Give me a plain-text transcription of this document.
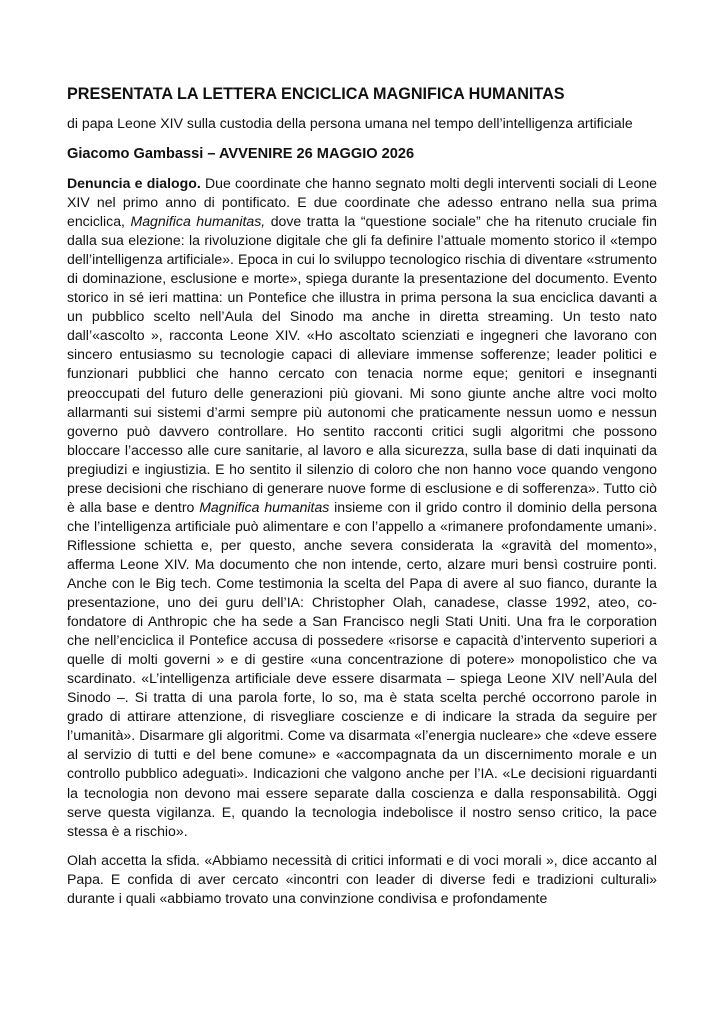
PRESENTATA LA LETTERA ENCICLICA MAGNIFICA HUMANITAS
di papa Leone XIV sulla custodia della persona umana nel tempo dell’intelligenza artificiale
Giacomo Gambassi – AVVENIRE 26 MAGGIO 2026

Denuncia e dialogo. Due coordinate che hanno segnato molti degli interventi sociali di Leone XIV nel primo anno di pontificato. E due coordinate che adesso entrano nella sua prima enciclica, Magnifica humanitas, dove tratta la “questione sociale” che ha ritenuto cruciale fin dalla sua elezione: la rivoluzione digitale che gli fa definire l’attuale momento storico il «tempo dell’intelligenza artificiale». Epoca in cui lo sviluppo tecnologico rischia di diventare «strumento di dominazione, esclusione e morte», spiega durante la presentazione del documento. Evento storico in sé ieri mattina: un Pontefice che illustra in prima persona la sua enciclica davanti a un pubblico scelto nell’Aula del Sinodo ma anche in diretta streaming. Un testo nato dall’«ascolto », racconta Leone XIV. «Ho ascoltato scienziati e ingegneri che lavorano con sincero entusiasmo su tecnologie capaci di alleviare immense sofferenze; leader politici e funzionari pubblici che hanno cercato con tenacia norme eque; genitori e insegnanti preoccupati del futuro delle generazioni più giovani. Mi sono giunte anche altre voci molto allarmanti sui sistemi d’armi sempre più autonomi che praticamente nessun uomo e nessun governo può davvero controllare. Ho sentito racconti critici sugli algoritmi che possono bloccare l’accesso alle cure sanitarie, al lavoro e alla sicurezza, sulla base di dati inquinati da pregiudizi e ingiustizia. E ho sentito il silenzio di coloro che non hanno voce quando vengono prese decisioni che rischiano di generare nuove forme di esclusione e di sofferenza». Tutto ciò è alla base e dentro Magnifica humanitas insieme con il grido contro il dominio della persona che l’intelligenza artificiale può alimentare e con l’appello a «rimanere profondamente umani». Riflessione schietta e, per questo, anche severa considerata la «gravità del momento», afferma Leone XIV. Ma documento che non intende, certo, alzare muri bensì costruire ponti. Anche con le Big tech. Come testimonia la scelta del Papa di avere al suo fianco, durante la presentazione, uno dei guru dell’IA: Christopher Olah, canadese, classe 1992, ateo, co-fondatore di Anthropic che ha sede a San Francisco negli Stati Uniti. Una fra le corporation che nell’enciclica il Pontefice accusa di possedere «risorse e capacità d’intervento superiori a quelle di molti governi » e di gestire «una concentrazione di potere» monopolistico che va scardinato. «L’intelligenza artificiale deve essere disarmata – spiega Leone XIV nell’Aula del Sinodo –. Si tratta di una parola forte, lo so, ma è stata scelta perché occorrono parole in grado di attirare attenzione, di risvegliare coscienze e di indicare la strada da seguire per l’umanità». Disarmare gli algoritmi. Come va disarmata «l’energia nucleare» che «deve essere al servizio di tutti e del bene comune» e «accompagnata da un discernimento morale e un controllo pubblico adeguati». Indicazioni che valgono anche per l’IA. «Le decisioni riguardanti la tecnologia non devono mai essere separate dalla coscienza e dalla responsabilità. Oggi serve questa vigilanza. E, quando la tecnologia indebolisce il nostro senso critico, la pace stessa è a rischio».

Olah accetta la sfida. «Abbiamo necessità di critici informati e di voci morali », dice accanto al Papa. E confida di aver cercato «incontri con leader di diverse fedi e tradizioni culturali» durante i quali «abbiamo trovato una convinzione condivisa e profondamente
